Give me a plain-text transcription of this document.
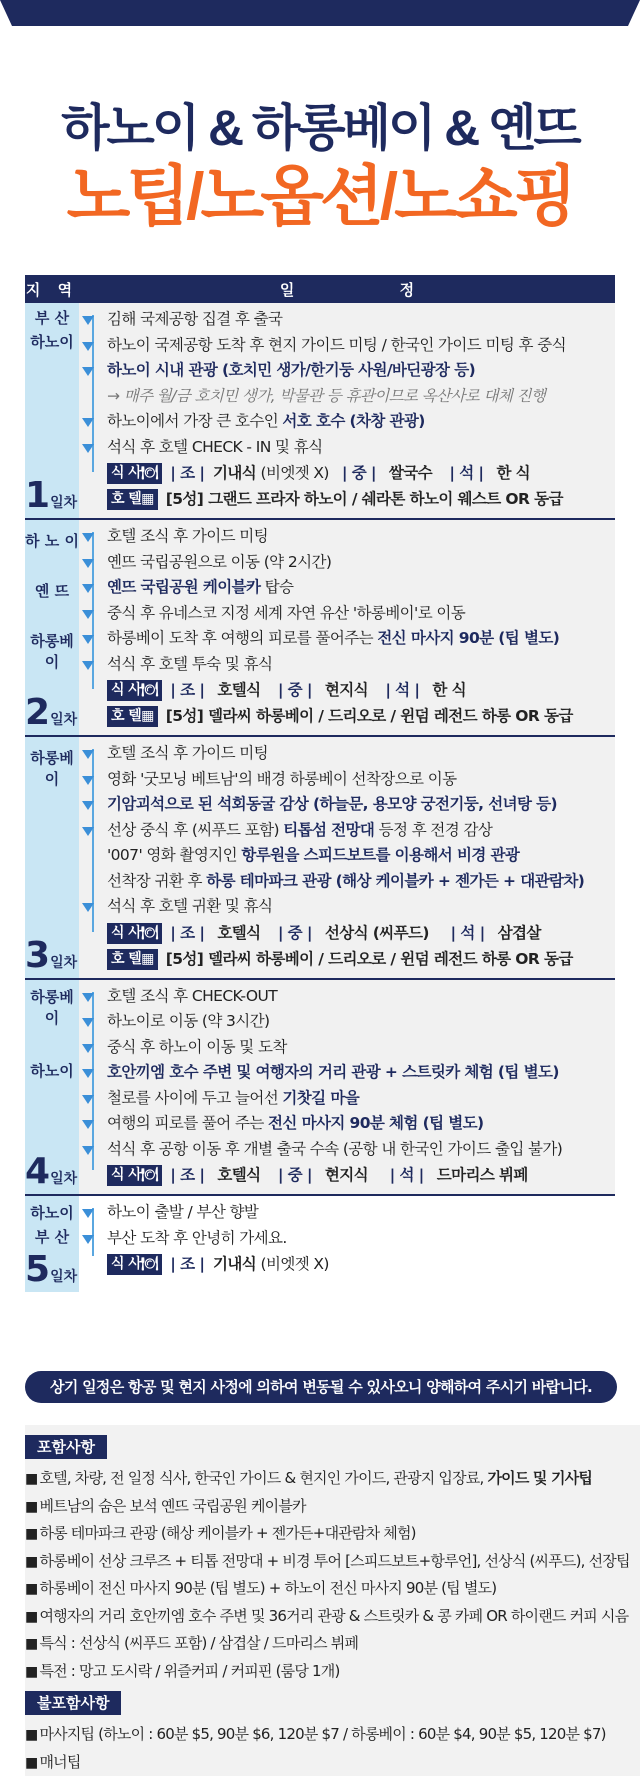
하노이 & 하롱베이 & 옌뜨
노팁/노옵션/노쇼핑
지 역	일 정
부 산
하노이
1일차
김해 국제공항 집결 후 출국
하노이 국제공항 도착 후 현지 가이드 미팅 / 한국인 가이드 미팅 후 중식
하노이 시내 관광 (호치민 생가/한기둥 사원/바딘광장 등)
→ 매주 월/금 호치민 생가, 박물관 등 휴관이므로 옥산사로 대체 진행
하노이에서 가장 큰 호수인 서호 호수 (차창 관광)
석식 후 호텔 CHECK - IN 및 휴식
식 사🍽 | 조 |
기내식
(비엣젯 X)
| 중 |
쌀국수
| 석 |
한 식
호 텔▦ [5성] 그랜드 프라자 하노이 / 쉐라톤 하노이 웨스트 OR 동급
하 노 이
옌 뜨
하롱베이
2일차
호텔 조식 후 가이드 미팅
옌뜨 국립공원으로 이동 (약 2시간)
옌뜨 국립공원 케이블카 탑승
중식 후 유네스코 지정 세계 자연 유산 '하롱베이'로 이동
하롱베이 도착 후 여행의 피로를 풀어주는 전신 마사지 90분 (팁 별도)
석식 후 호텔 투숙 및 휴식
식 사🍽 | 조 |
호텔식
| 중 |
현지식
| 석 |
한 식
호 텔▦ [5성] 델라씨 하롱베이 / 드리오로 / 윈덤 레전드 하롱 OR 동급
하롱베이
3일차
호텔 조식 후 가이드 미팅
영화 '굿모닝 베트남'의 배경 하롱베이 선착장으로 이동
기암괴석으로 된 석회동굴 감상 (하늘문, 용모양 궁전기둥, 선녀탕 등)
선상 중식 후 (씨푸드 포함) 티톱섬 전망대 등정 후 전경 감상
'007' 영화 촬영지인 항루원을 스피드보트를 이용해서 비경 관광
선착장 귀환 후 하롱 테마파크 관광 (해상 케이블카 + 젠가든 + 대관람차)
석식 후 호텔 귀환 및 휴식
식 사🍽 | 조 |
호텔식
| 중 |
선상식 (씨푸드)
| 석 |
삼겹살
호 텔▦ [5성] 델라씨 하롱베이 / 드리오로 / 윈덤 레전드 하롱 OR 동급
하롱베이
하노이
4일차
호텔 조식 후 CHECK-OUT
하노이로 이동 (약 3시간)
중식 후 하노이 이동 및 도착
호안끼엠 호수 주변 및 여행자의 거리 관광 + 스트릿카 체험 (팁 별도)
철로를 사이에 두고 늘어선 기찻길 마을
여행의 피로를 풀어 주는 전신 마사지 90분 체험 (팁 별도)
석식 후 공항 이동 후 개별 출국 수속 (공항 내 한국인 가이드 출입 불가)
식 사🍽 | 조 |
호텔식
| 중 |
현지식
| 석 |
드마리스 뷔페
하노이
부 산
5일차
하노이 출발 / 부산 향발
부산 도착 후 안녕히 가세요.
식 사🍽 | 조 |
기내식
(비엣젯 X)
상기 일정은 항공 및 현지 사정에 의하여 변동될 수 있사오니 양해하여 주시기 바랍니다.
포함사항
■ 호텔, 차량, 전 일정 식사, 한국인 가이드 & 현지인 가이드, 관광지 입장료, 가이드 및 기사팁
■ 베트남의 숨은 보석 옌뜨 국립공원 케이블카
■ 하롱 테마파크 관광 (해상 케이블카 + 젠가든+대관람차 체험)
■ 하롱베이 선상 크루즈 + 티톱 전망대 + 비경 투어 [스피드보트+항루언], 선상식 (씨푸드), 선장팁
■ 하롱베이 전신 마사지 90분 (팁 별도) + 하노이 전신 마사지 90분 (팁 별도)
■ 여행자의 거리 호안끼엠 호수 주변 및 36거리 관광 & 스트릿카 & 콩 카페 OR 하이랜드 커피 시음
■ 특식 : 선상식 (씨푸드 포함) / 삼겹살 / 드마리스 뷔페
■ 특전 : 망고 도시락 / 위즐커피 / 커피핀 (룸당 1개)
불포함사항
■ 마사지팁 (하노이 : 60분 $5, 90분 $6, 120분 $7 / 하롱베이 : 60분 $4, 90분 $5, 120분 $7)
■ 매너팁
